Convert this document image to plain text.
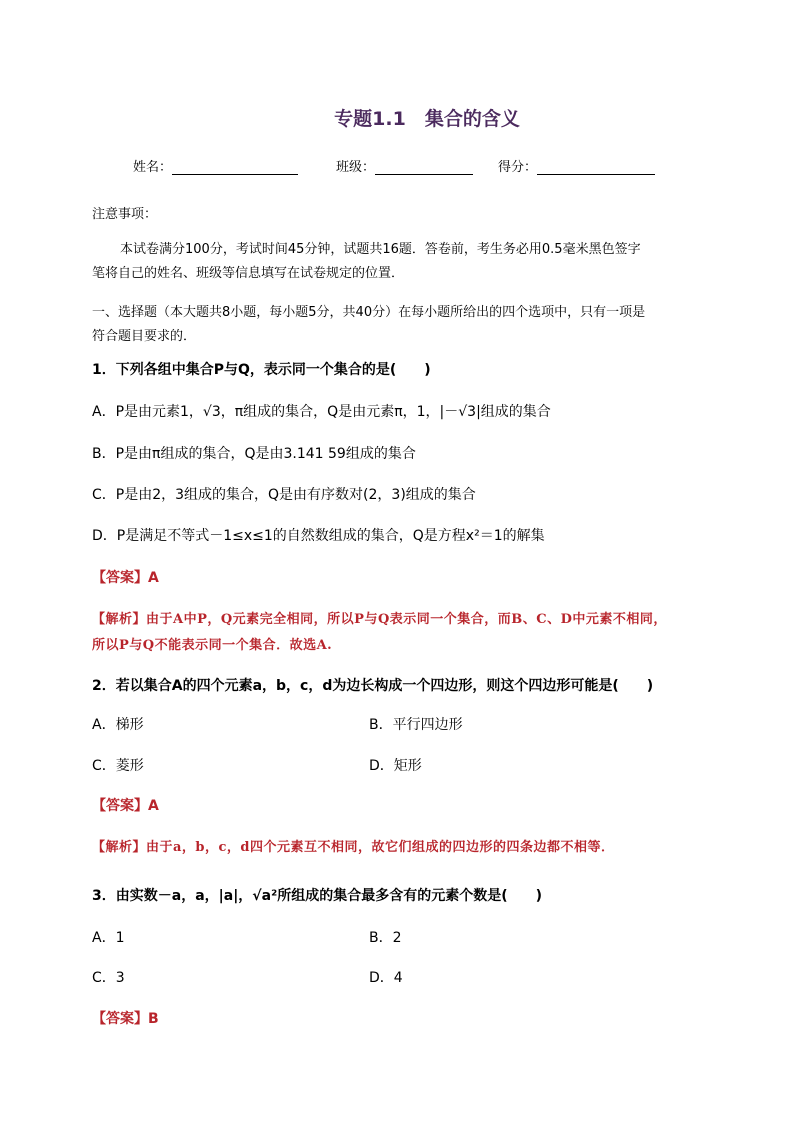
专题1.1　集合的含义
姓名：	班级：	得分：
注意事项：
本试卷满分100分，考试时间45分钟，试题共16题．答卷前，考生务必用0.5毫米黑色签字
笔将自己的姓名、班级等信息填写在试卷规定的位置．
一、选择题（本大题共8小题，每小题5分，共40分）在每小题所给出的四个选项中，只有一项是
符合题目要求的．
1．下列各组中集合P与Q，表示同一个集合的是(　　)
A．P是由元素1，√3，π组成的集合，Q是由元素π，1，|－√3|组成的集合
B．P是由π组成的集合，Q是由3.141 59组成的集合
C．P是由2，3组成的集合，Q是由有序数对(2，3)组成的集合
D．P是满足不等式－1≤x≤1的自然数组成的集合，Q是方程x²＝1的解集
【答案】A
【解析】由于A中P，Q元素完全相同，所以P与Q表示同一个集合，而B、C、D中元素不相同，
所以P与Q不能表示同一个集合．故选A.
2．若以集合A的四个元素a，b，c，d为边长构成一个四边形，则这个四边形可能是(　　)
A．梯形	B．平行四边形
C．菱形	D．矩形
【答案】A
【解析】由于a，b，c，d四个元素互不相同，故它们组成的四边形的四条边都不相等．
3．由实数－a，a，|a|，√a²所组成的集合最多含有的元素个数是(　　)
A．1	B．2
C．3	D．4
【答案】B
